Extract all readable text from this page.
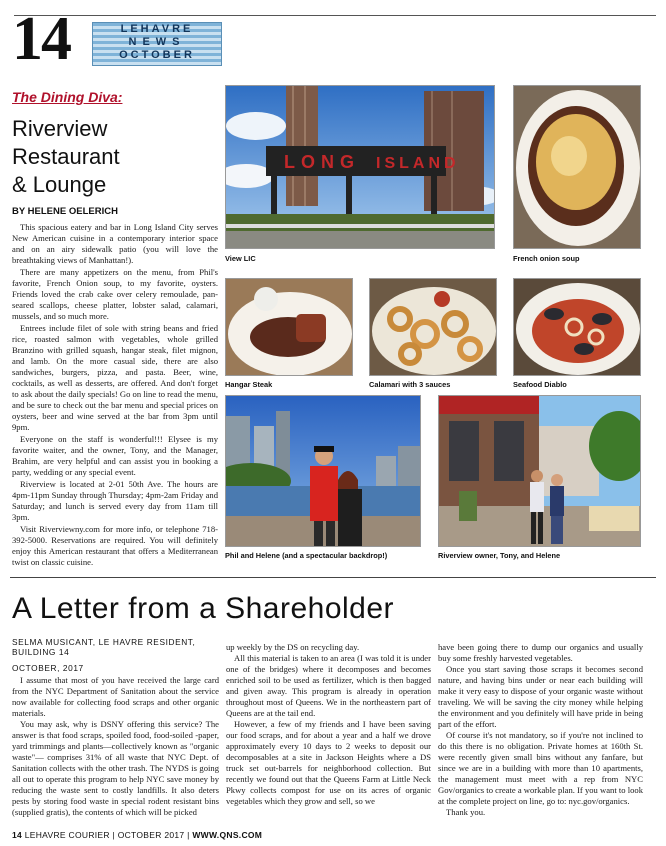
14	LEHAVRE
NEWS
OCTOBER
The Dining Diva:
Riverview
Restaurant
& Lounge
BY HELENE OELERICH

This spacious eatery and bar in Long Island City serves New American cuisine in a contemporary interior space and on an airy sidewalk patio (you will love the breathtaking views of Manhattan!).

There are many appetizers on the menu, from Phil's favorite, French Onion soup, to my favorite, oysters. Friends loved the crab cake over celery remoulade, pan-seared scallops, cheese platter, lobster salad, calamari, mussels, and so much more.

Entrees include filet of sole with string beans and fried rice, roasted salmon with vegetables, whole grilled Branzino with grilled squash, hangar steak, filet mignon, and lamb. On the more casual side, there are also sandwiches, burgers, pizza, and pasta. Beer, wine, cocktails, as well as desserts, are offered. And don't forget to ask about the daily specials! Go on line to read the menu, and be sure to check out the bar menu and special prices on oysters, beer and wine served at the bar from 3pm until 9pm.

Everyone on the staff is wonderful!!! Elysee is my favorite waiter, and the owner, Tony, and the Manager, Brahim, are very helpful and can assist you in booking a party, wedding or any special event.

Riverview is located at 2-01 50th Ave. The hours are 4pm-11pm Sunday through Thursday; 4pm-2am Friday and Saturday; and lunch is served every day from 11am till 3pm.

Visit Riverviewny.com for more info, or telephone 718-392-5000. Reservations are required. You will definitely enjoy this American restaurant that offers a Mediterranean twist on classic cuisine.

LONG ISLAND
View LIC	French onion soup
Hangar Steak	Calamari with 3 sauces	Seafood Diablo
Phil and Helene (and a spectacular backdrop!)	Riverview owner, Tony, and Helene
A Letter from a Shareholder
SELMA MUSICANT, LE HAVRE RESIDENT, BUILDING 14
OCTOBER, 2017

I assume that most of you have received the large card from the NYC Department of Sanitation about the service now available for collecting food scraps and other organic materials.

You may ask, why is DSNY offering this service? The answer is that food scraps, spoiled food, food-soiled -paper, yard trimmings and plants—collectively known as "organic waste"— comprises 31% of all waste that NYC Dept. of Sanitation collects with the other trash. The NYDS is going all out to operate this program to help NYC save money by reducing the waste sent to costly landfills. It also deters pests by storing food waste in special rodent resistant bins (supplied gratis), the contents of which will be picked

up weekly by the DS on recycling day.

All this material is taken to an area (I was told it is under one of the bridges) where it decomposes and becomes enriched soil to be used as fertilizer, which is then bagged and given away. This program is already in operation throughout most of Queens. We in the northeastern part of Queens are at the tail end.

However, a few of my friends and I have been saving our food scraps, and for about a year and a half we drove approximately every 10 days to 2 weeks to deposit our decomposables at a site in Jackson Heights where a DS truck set out-barrels for neighborhood collection. But recently we found out that the Queens Farm at Little Neck Pkwy collects compost for use on its acres of organic vegetables which they grow and sell, so we

have been going there to dump our organics and usually buy some freshly harvested vegetables.

Once you start saving those scraps it becomes second nature, and having bins under or near each building will make it very easy to dispose of your organic waste without traveling. We will be saving the city money while helping the environment and you definitely will have pride in being part of the effort.

Of course it's not mandatory, so if you're not inclined to do this there is no obligation. Private homes at 160th St. were recently given small bins without any fanfare, but since we are in a building with more than 10 apartments, the management must meet with a rep from NYC Gov/organics to create a workable plan. If you want to look at the complete project on line, go to: nyc.gov/organics.

Thank you.

14 LEHAVRE COURIER | OCTOBER 2017 | WWW.QNS.COM
